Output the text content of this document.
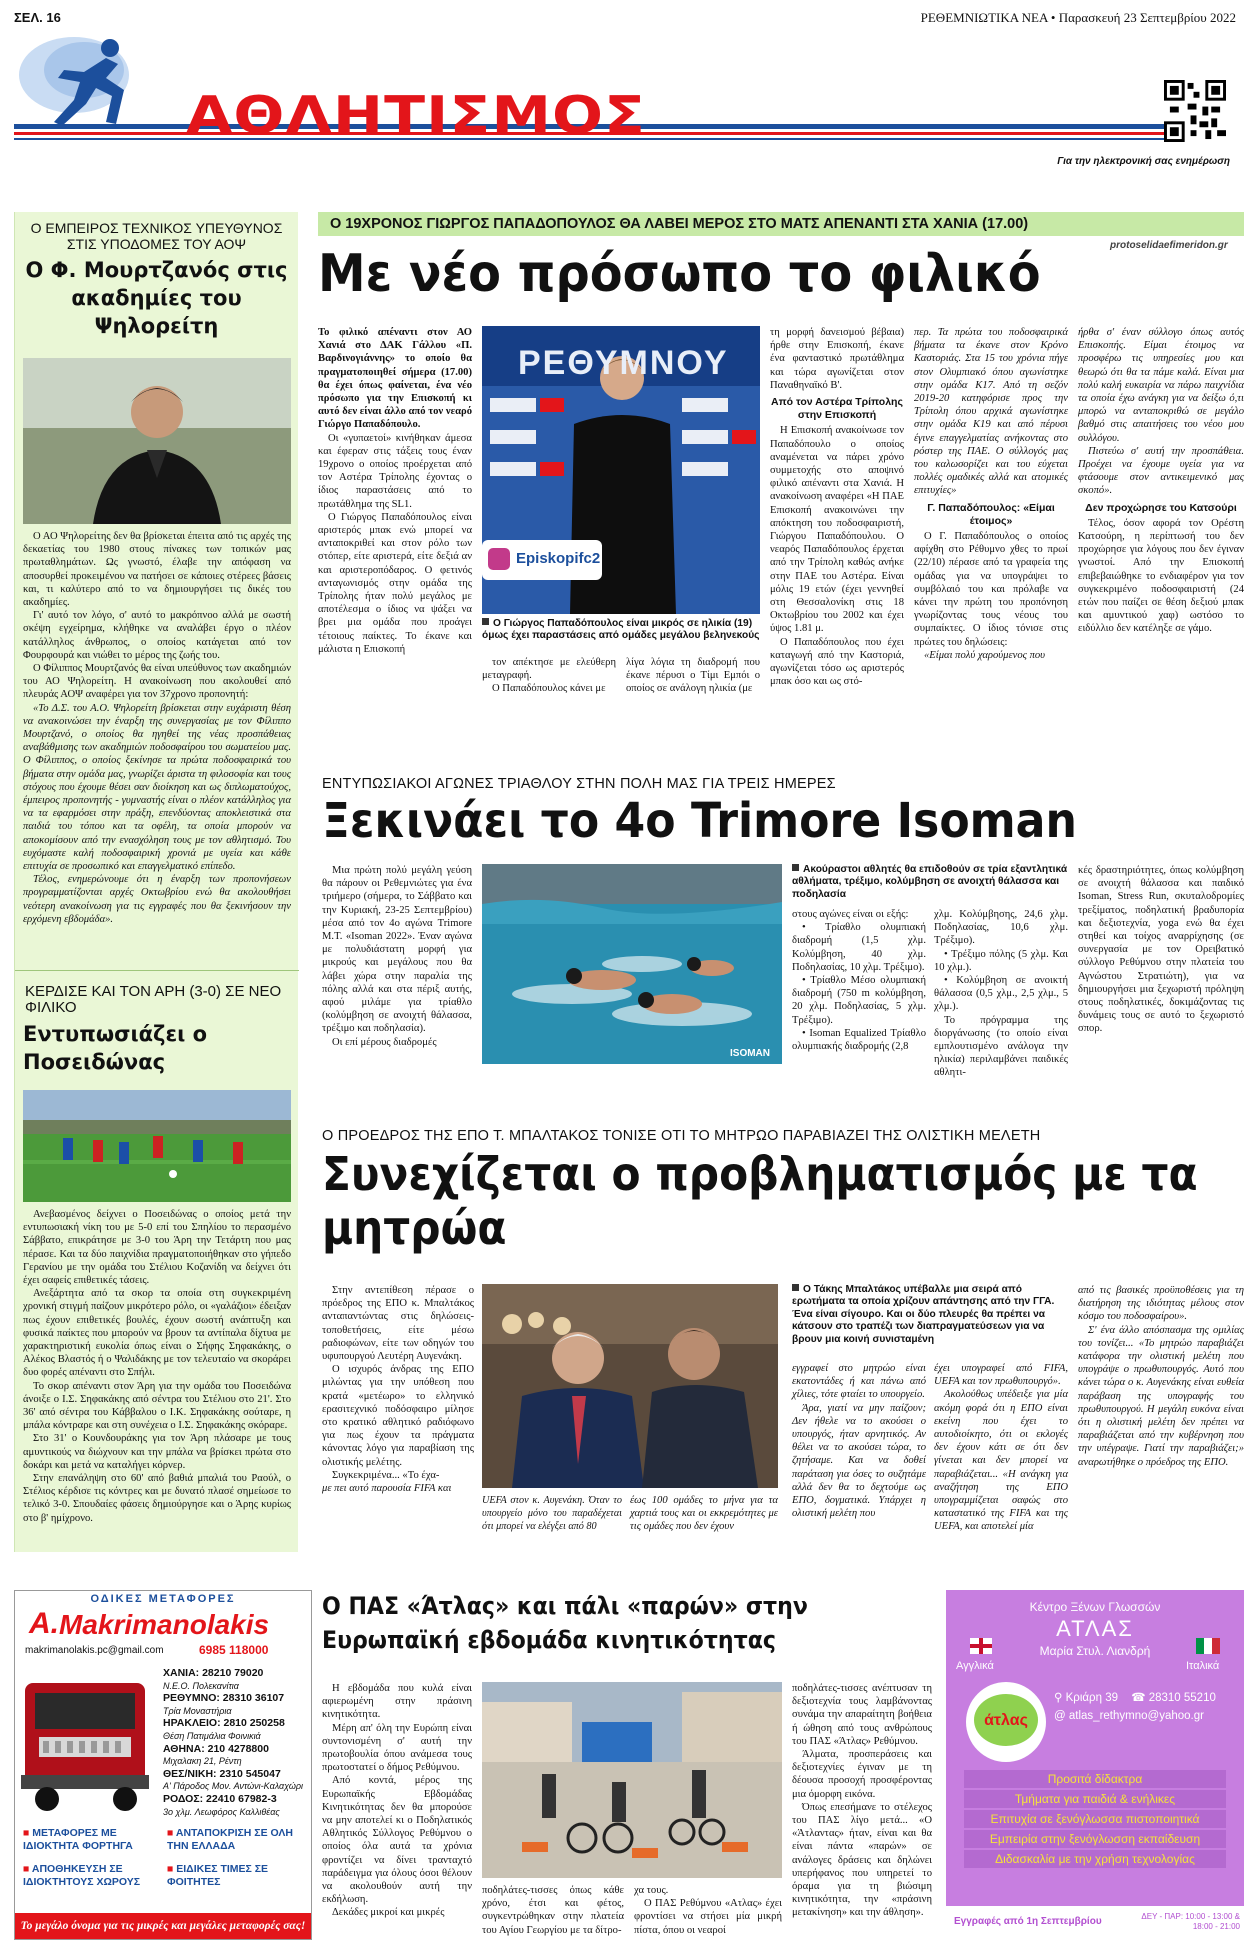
ΣΕΛ. 16	ΡΕΘΕΜΝΙΩΤΙΚΑ ΝΕΑ • Παρασκευή 23 Σεπτεμβρίου 2022
ΑΘΛΗΤΙΣΜΟΣ
Για την ηλεκτρονική σας ενημέρωση
Ο ΕΜΠΕΙΡΟΣ ΤΕΧΝΙΚΟΣ ΥΠΕΥΘΥΝΟΣ ΣΤΙΣ ΥΠΟΔΟΜΕΣ ΤΟΥ ΑΟΨ
Ο Φ. Μουρτζανός στις ακαδημίες του Ψηλορείτη

Ο ΑΟ Ψηλορείτης δεν θα βρίσκεται έπειτα από τις αρχές της δεκαετίας του 1980 στους πίνακες των τοπικών μας πρωταθλημάτων. Ως γνωστό, έλαβε την απόφαση να αποσυρθεί προκειμένου να πατήσει σε κάποιες στέρεες βάσεις και, τι καλύτερο από το να δημιουργήσει τις δικές του ακαδημίες.

Γι' αυτό τον λόγο, σ' αυτό το μακρόπνοο αλλά με σωστή σκέψη εγχείρημα, κλήθηκε να αναλάβει έργο ο πλέον κατάλληλος άνθρωπος, ο οποίος κατάγεται από τον Φουρφουρά και νιώθει το μέρος της ζωής του.

Ο Φίλιππος Μουρτζανός θα είναι υπεύθυνος των ακαδημιών του ΑΟ Ψηλορείτη. Η ανακοίνωση που ακολουθεί από πλευράς ΑΟΨ αναφέρει για τον 37χρονο προπονητή:

«Το Δ.Σ. του Α.Ο. Ψηλορείτη βρίσκεται στην ευχάριστη θέση να ανακοινώσει την έναρξη της συνεργασίας με τον Φίλιππο Μουρτζανό, ο οποίος θα ηγηθεί της νέας προσπάθειας αναβάθμισης των ακαδημιών ποδοσφαίρου του σωματείου μας. Ο Φίλιππος, ο οποίος ξεκίνησε τα πρώτα ποδοσφαιρικά του βήματα στην ομάδα μας, γνωρίζει άριστα τη φιλοσοφία και τους στόχους που έχουμε θέσει σαν διοίκηση και ως διπλωματούχος, έμπειρος προπονητής - γυμναστής είναι ο πλέον κατάλληλος για να τα εφαρμόσει στην πράξη, επενδύοντας αποκλειστικά στα παιδιά του τόπου και τα οφέλη, τα οποία μπορούν να αποκομίσουν από την ενασχόληση τους με τον αθλητισμό. Του ευχόμαστε καλή ποδοσφαιρική χρονιά με υγεία και κάθε επιτυχία σε προσωπικό και επαγγελματικό επίπεδο.

Τέλος, ενημερώνουμε ότι η έναρξη των προπονήσεων προγραμματίζονται αρχές Οκτωβρίου ενώ θα ακολουθήσει νεότερη ανακοίνωση για τις εγγραφές που θα ξεκινήσουν την ερχόμενη εβδομάδα».

ΚΕΡΔΙΣΕ ΚΑΙ ΤΟΝ ΑΡΗ (3-0) ΣΕ ΝΕΟ ΦΙΛΙΚΟ
Εντυπωσιάζει ο Ποσειδώνας

Ανεβασμένος δείχνει ο Ποσειδώνας ο οποίος μετά την εντυπωσιακή νίκη του με 5-0 επί του Σπηλίου το περασμένο Σάββατο, επικράτησε με 3-0 του Άρη την Τετάρτη που μας πέρασε. Και τα δύο παιχνίδια πραγματοποιήθηκαν στο γήπεδο Γερανίου με την ομάδα του Στέλιου Κοζανίδη να δείχνει ότι έχει σαφείς επιθετικές τάσεις.

Ανεξάρτητα από τα σκορ τα οποία στη συγκεκριμένη χρονική στιγμή παίζουν μικρότερο ρόλο, οι «γαλάζιοι» έδειξαν πως έχουν επιθετικές βουλές, έχουν σωστή ανάπτυξη και φυσικά παίκτες που μπορούν να βρουν τα αντίπαλα δίχτυα με χαρακτηριστική ευκολία όπως είναι ο Σήφης Σηφακάκης, ο Αλέκος Βλαστός ή ο Ψαλιδάκης με τον τελευταίο να σκοράρει δυο φορές απέναντι στο Σπήλι.

Το σκορ απέναντι στον Άρη για την ομάδα του Ποσειδώνα άνοιξε ο Ι.Σ. Σηφακάκης από σέντρα του Στέλιου στο 21'. Στο 36' από σέντρα του Κάββαλου ο Ι.Κ. Σηφακάκης σούταρε, η μπάλα κόντραρε και στη συνέχεια ο Ι.Σ. Σηφακάκης σκόραρε.

Στο 31' ο Κουνδουράκης για τον Άρη πλάσαρε με τους αμυντικούς να διώχνουν και την μπάλα να βρίσκει πρώτα στο δοκάρι και μετά να καταλήγει κόρνερ.

Στην επανάληψη στο 60' από βαθιά μπαλιά του Ραούλ, ο Στέλιος κέρδισε τις κόντρες και με δυνατό πλασέ σημείωσε το τελικό 3-0. Σπουδαίες φάσεις δημιούργησε και ο Άρης κυρίως στο β' ημίχρονο.

Ο 19ΧΡΟΝΟΣ ΓΙΩΡΓΟΣ ΠΑΠΑΔΟΠΟΥΛΟΣ ΘΑ ΛΑΒΕΙ ΜΕΡΟΣ ΣΤΟ ΜΑΤΣ ΑΠΕΝΑΝΤΙ ΣΤΑ ΧΑΝΙΑ (17.00)
protoselidaefimeridon.gr
Με νέο πρόσωπο το φιλικό

Το φιλικό απέναντι στον ΑΟ Χανιά στο ΔΑΚ Γάλλου «Π. Βαρδινογιάννης» το οποίο θα πραγματοποιηθεί σήμερα (17.00) θα έχει όπως φαίνεται, ένα νέο πρόσωπο για την Επισκοπή κι αυτό δεν είναι άλλο από τον νεαρό Γιώργο Παπαδόπουλο.

Οι «γυπαετοί» κινήθηκαν άμεσα και έφεραν στις τάξεις τους έναν 19χρονο ο οποίος προέρχεται από τον Αστέρα Τρίπολης έχοντας ο ίδιος παραστάσεις από το πρωτάθλημα της SL1.

Ο Γιώργος Παπαδόπουλος είναι αριστερός μπακ ενώ μπορεί να ανταποκριθεί και στον ρόλο των στόπερ, είτε αριστερά, είτε δεξιά αν και αριστεροπόδαρος. Ο φετινός ανταγωνισμός στην ομάδα της Τρίπολης ήταν πολύ μεγάλος με αποτέλεσμα ο ίδιος να ψάξει να βρει μια ομάδα που προάγει τέτοιους παίκτες. Το έκανε και μάλιστα η Επισκοπή

ΡΕΘΥΜΝΟΥ
Episkopifc2
Ο Γιώργος Παπαδόπουλος είναι μικρός σε ηλικία (19) όμως έχει παραστάσεις από ομάδες μεγάλου βεληνεκούς

τον απέκτησε με ελεύθερη μεταγραφή.

Ο Παπαδόπουλος κάνει με

λίγα λόγια τη διαδρομή που έκανε πέρυσι ο Τίμι Εμπόι ο οποίος σε ανάλογη ηλικία (με

τη μορφή δανεισμού βέβαια) ήρθε στην Επισκοπή, έκανε ένα φανταστικό πρωτάθλημα και τώρα αγωνίζεται στον Παναθηναϊκό Β'.

Από τον Αστέρα Τρίπολης στην Επισκοπή

Η Επισκοπή ανακοίνωσε τον Παπαδόπουλο ο οποίος αναμένεται να πάρει χρόνο συμμετοχής στο αποψινό φιλικό απέναντι στα Χανιά. Η ανακοίνωση αναφέρει «Η ΠΑΕ Επισκοπή ανακοινώνει την απόκτηση του ποδοσφαιριστή, Γιώργου Παπαδόπουλου. Ο νεαρός Παπαδόπουλος έρχεται από την Τρίπολη καθώς ανήκε στην ΠΑΕ του Αστέρα. Είναι μόλις 19 ετών (έχει γεννηθεί στη Θεσσαλονίκη στις 18 Οκτωβρίου του 2002 και έχει ύψος 1.81 μ.

Ο Παπαδόπουλος που έχει καταγωγή από την Καστοριά, αγωνίζεται τόσο ως αριστερός μπακ όσο και ως στό-

περ. Τα πρώτα του ποδοσφαιρικά βήματα τα έκανε στον Κρόνο Καστοριάς. Στα 15 του χρόνια πήγε στον Ολυμπιακό όπου αγωνίστηκε στην ομάδα Κ17. Από τη σεζόν 2019-20 κατηφόρισε προς την Τρίπολη όπου αρχικά αγωνίστηκε στην ομάδα Κ19 και από πέρυσι έγινε επαγγελματίας ανήκοντας στο ρόστερ της ΠΑΕ. Ο σύλλογός μας του καλωσορίζει και του εύχεται πολλές ομαδικές αλλά και ατομικές επιτυχίες»

Γ. Παπαδόπουλος: «Είμαι έτοιμος»

Ο Γ. Παπαδόπουλος ο οποίος αφίχθη στο Ρέθυμνο χθες το πρωί (22/10) πέρασε από τα γραφεία της ομάδας για να υπογράψει το συμβόλαιό του και πρόλαβε να κάνει την πρώτη του προπόνηση γνωρίζοντας τους νέους του συμπαίκτες. Ο ίδιος τόνισε στις πρώτες του δηλώσεις:

«Είμαι πολύ χαρούμενος που

ήρθα σ' έναν σύλλογο όπως αυτός Επισκοπής. Είμαι έτοιμος να προσφέρω τις υπηρεσίες μου και θεωρώ ότι θα τα πάμε καλά. Είναι μια πολύ καλή ευκαιρία να πάρω παιχνίδια τα οποία έχω ανάγκη για να δείξω ό,τι μπορώ να ανταποκριθώ σε μεγάλο βαθμό στις απαιτήσεις του νέου μου συλλόγου.

Πιστεύω σ' αυτή την προσπάθεια. Προέχει να έχουμε υγεία για να φτάσουμε στον αντικειμενικό μας σκοπό».

Δεν προχώρησε του Κατσούρι

Τέλος, όσον αφορά τον Ορέστη Κατσούρη, η περίπτωσή του δεν προχώρησε για λόγους που δεν έγιναν γνωστοί. Από την Επισκοπή επιβεβαιώθηκε το ενδιαφέρον για τον συγκεκριμένο ποδοσφαιριστή (24 ετών που παίζει σε θέση δεξιού μπακ και αμυντικού χαφ) ωστόσο το ειδύλλιο δεν κατέληξε σε γάμο.

ΕΝΤΥΠΩΣΙΑΚΟΙ ΑΓΩΝΕΣ ΤΡΙΑΘΛΟΥ ΣΤΗΝ ΠΟΛΗ ΜΑΣ ΓΙΑ ΤΡΕΙΣ ΗΜΕΡΕΣ
Ξεκινάει το 4ο Trimore Isoman

Μια πρώτη πολύ μεγάλη γεύση θα πάρουν οι Ρεθεμνιώτες για ένα τριήμερο (σήμερα, το Σάββατο και την Κυριακή, 23-25 Σεπτεμβρίου) μέσα από τον 4ο αγώνα Trimore M.T. «Isoman 2022». Έναν αγώνα με πολυδιάστατη μορφή για μικρούς και μεγάλους που θα λάβει χώρα στην παραλία της πόλης αλλά και στα πέριξ αυτής, αφού μιλάμε για τρίαθλο (κολύμβηση σε ανοιχτή θάλασσα, τρέξιμο και ποδηλασία).

Οι επί μέρους διαδρομές

ISOMAN
Ακούραστοι αθλητές θα επιδοθούν σε τρία εξαντλητικά αθλήματα, τρέξιμο, κολύμβηση σε ανοιχτή θάλασσα και ποδηλασία

στους αγώνες είναι οι εξής:

• Τρίαθλο ολυμπιακή διαδρομή (1,5 χλμ. Κολύμβηση, 40 χλμ. Ποδηλασίας, 10 χλμ. Τρέξιμο).

• Τρίαθλο Μέσο ολυμπιακή διαδρομή (750 m κολύμβηση, 20 χλμ. Ποδηλασίας, 5 χλμ. Τρέξιμο).

• Isoman Equalized Τρίαθλο ολυμπιακής διαδρομής (2,8

χλμ. Κολύμβησης, 24,6 χλμ. Ποδηλασίας, 10,6 χλμ. Τρέξιμο).

• Τρέξιμο πόλης (5 χλμ. Και 10 χλμ.).

• Κολύμβηση σε ανοικτή θάλασσα (0,5 χλμ., 2,5 χλμ., 5 χλμ.).

Το πρόγραμμα της διοργάνωσης (το οποίο είναι εμπλουτισμένο ανάλογα την ηλικία) περιλαμβάνει παιδικές αθλητι-

κές δραστηριότητες, όπως κολύμβηση σε ανοιχτή θάλασσα και παιδικό Isoman, Stress Run, σκυταλοδρομίες τρεξίματος, ποδηλατική βραδυπορία και δεξιοτεχνία, yoga ενώ θα έχει στηθεί και τοίχος αναρρίχησης (σε συνεργασία με τον Ορειβατικό σύλλογο Ρεθύμνου στην πλατεία του Αγνώστου Στρατιώτη), για να δημιουργήσει μια ξεχωριστή πρόληψη στους ποδηλατικές, δοκιμάζοντας τις δυνάμεις τους σε αυτό το ξεχωριστό σπορ.

Ο ΠΡΟΕΔΡΟΣ ΤΗΣ ΕΠΟ Τ. ΜΠΑΛΤΑΚΟΣ ΤΟΝΙΣΕ ΟΤΙ ΤΟ ΜΗΤΡΩΟ ΠΑΡΑΒΙΑΖΕΙ ΤΗΣ ΟΛΙΣΤΙΚΗ ΜΕΛΕΤΗ
Συνεχίζεται ο προβληματισμός με τα
μητρώα

Στην αντεπίθεση πέρασε ο πρόεδρος της ΕΠΟ κ. Μπαλτάκος ανταπαντώντας στις δηλώσεις-τοποθετήσεις, είτε μέσω ραδιοφώνων, είτε των οδηγών του υφυπουργού Λευτέρη Αυγενάκη.

Ο ισχυρός άνδρας της ΕΠΟ μιλώντας για την υπόθεση που κρατά «μετέωρο» το ελληνικό ερασιτεχνικό ποδόσφαιρο μίλησε στο κρατικό αθλητικό ραδιόφωνο για πως έχουν τα πράγματα κάνοντας λόγο για παραβίαση της ολιστικής μελέτης.

Συγκεκριμένα... «Το έχα-

με πει αυτό παρουσία FIFA και

UEFA στον κ. Αυγενάκη. Όταν το υπουργείο μόνο του παραδέχεται ότι μπορεί να ελέγξει από 80

έως 100 ομάδες το μήνα για τα χαρτιά τους και οι εκκρεμότητες με τις ομάδες που δεν έχουν

Ο Τάκης Μπαλτάκος υπέβαλλε μια σειρά από ερωτήματα τα οποία χρίζουν απάντησης από την ΓΓΑ. Ένα είναι σίγουρο. Και οι δύο πλευρές θα πρέπει να κάτσουν στο τραπέζι των διαπραγματεύσεων για να βρουν μια κοινή συνισταμένη

εγγραφεί στο μητρώο είναι εκατοντάδες ή και πάνω από χίλιες, τότε φταίει το υπουργείο.

Άρα, γιατί να μην παίζουν; Δεν ήθελε να το ακούσει ο υπουργός, ήταν αρνητικός. Αν θέλει να το ακούσει τώρα, το ζητήσαμε. Και να δοθεί παράταση για όσες το συζητάμε αλλά δεν θα το δεχτούμε ως ΕΠΟ, δογματικά. Υπάρχει η ολιστική μελέτη που

έχει υπογραφεί από FIFA, UEFA και τον πρωθυπουργό».

Ακολούθως υπέδειξε για μία ακόμη φορά ότι η ΕΠΟ είναι εκείνη που έχει το αυτοδιοίκητο, ότι οι εκλογές δεν έχουν κάτι σε ότι δεν γίνεται και δεν μπορεί να παραβιάζεται... «Η ανάγκη για αναζήτηση της ΕΠΟ υπογραμμίζεται σαφώς στο καταστατικό της FIFA και της UEFA, και αποτελεί μία

από τις βασικές προϋποθέσεις για τη διατήρηση της ιδιότητας μέλους στον κόσμο του ποδοσφαίρου».

Σ' ένα άλλο απόσπασμα της ομιλίας του τονίζει... «Το μητρώο παραβιάζει κατάφορα την ολιστική μελέτη που υπογράψε ο πρωθυπουργός. Αυτό που κάνει τώρα ο κ. Αυγενάκης είναι ευθεία παράβαση της υπογραφής του πρωθυπουργού. Η μεγάλη ευκόνα είναι ότι η ολιστική μελέτη δεν πρέπει να παραβιάζεται από την κυβέρνηση που την υπέγραψε. Γιατί την παραβιάζει;» αναρωτήθηκε ο πρόεδρος της ΕΠΟ.

Ο ΠΑΣ «Άτλας» και πάλι «παρών» στην
Ευρωπαϊκή εβδομάδα κινητικότητας

Η εβδομάδα που κυλά είναι αφιερωμένη στην πράσινη κινητικότητα.

Μέρη απ' όλη την Ευρώπη είναι συντονισμένη σ' αυτή την πρωτοβουλία όπου ανάμεσα τους πρωτοστατεί ο δήμος Ρεθύμνου.

Από κοντά, μέρος της Ευρωπαϊκής Εβδομάδας Κινητικότητας δεν θα μπορούσε να μην αποτελεί κι ο Ποδηλατικός Αθλητικός Σύλλογος Ρεθύμνου ο οποίος όλα αυτά τα χρόνια φροντίζει να δίνει τρανταχτό παράδειγμα για όλους όσοι θέλουν να ακολουθούν αυτή την εκδήλωση.

Δεκάδες μικροί και μικρές

ποδηλάτες-τισσες όπως κάθε χρόνο, έτσι και φέτος, συγκεντρώθηκαν στην πλατεία του Αγίου Γεωργίου με τα δίτρο-

χα τους.

Ο ΠΑΣ Ρεθύμνου «Ατλας» έχει φροντίσει να στήσει μία μικρή πίστα, όπου οι νεαροί

ποδηλάτες-τισσες ανέπτυσαν τη δεξιοτεχνία τους λαμβάνοντας συνάμα την απαραίτητη βοήθεια ή ώθηση από τους ανθρώπους του ΠΑΣ «Άτλας» Ρεθύμνου.

Άλματα, προσπεράσεις και δεξιοτεχνίες έγιναν με τη δέουσα προσοχή προσφέροντας μια όμορφη εικόνα.

Όπως επεσήμανε το στέλεχος του ΠΑΣ λίγο μετά... «Ο «Άτλαντας» ήταν, είναι και θα είναι πάντα «παρών» σε ανάλογες δράσεις και δηλώνει υπερήφανος που υπηρετεί το όραμα για τη βιώσιμη κινητικότητα, την «πράσινη μετακίνηση» και την άθληση».

ΟΔΙΚΕΣ ΜΕΤΑΦΟΡΕΣ
Α. Makrimanolakis
makrimanolakis.pc@gmail.com	6985 118000
ΧΑΝΙΑ: 28210 79020
Ν.Ε.Ο. Πολεκανίτια
ΡΕΘΥΜΝΟ: 28310 36107
Τρία Μοναστήρια
ΗΡΑΚΛΕΙΟ: 2810 250258
Θέση Πατιμάλια Φοινικιά
ΑΘΗΝΑ: 210 4278800
Μιχαλακη 21, Ρέντη
ΘΕΣ/ΝΙΚΗ: 2310 545047
Α' Πάροδος Μον. Αντώνι-Καλαχώρι
ΡΟΔΟΣ: 22410 67982-3
3ο χλμ. Λεωφόρος Καλλιθέας
■ ΜΕΤΑΦΟΡΕΣ ΜΕ ΙΔΙΟΚΤΗΤΑ ΦΟΡΤΗΓΑ
■ ΑΝΤΑΠΟΚΡΙΣΗ ΣΕ ΟΛΗ ΤΗΝ ΕΛΛΑΔΑ
■ ΑΠΟΘΗΚΕΥΣΗ ΣΕ ΙΔΙΟΚΤΗΤΟΥΣ ΧΩΡΟΥΣ
■ ΕΙΔΙΚΕΣ ΤΙΜΕΣ ΣΕ ΦΟΙΤΗΤΕΣ
Το μεγάλο όνομα για τις μικρές και μεγάλες μεταφορές σας!
Κέντρο Ξένων Γλωσσών
ΑΤΛΑΣ
Μαρία Στυλ. Λιανδρή
Αγγλικά	Ιταλικά
άτλας
⚲ Κριάρη 39 ☎ 28310 55210
@ atlas_rethymno@yahoo.gr
Προσιτά δίδακτρα
Τμήματα για παιδιά & ενήλικες
Επιτυχία σε ξενόγλωσσα πιστοποιητικά
Εμπειρία στην ξενόγλωσση εκπαίδευση
Διδασκαλία με την χρήση τεχνολογίας
Εγγραφές από 1η Σεπτεμβρίου	ΔΕΥ - ΠΑΡ: 10:00 - 13:00 & 18:00 - 21:00
